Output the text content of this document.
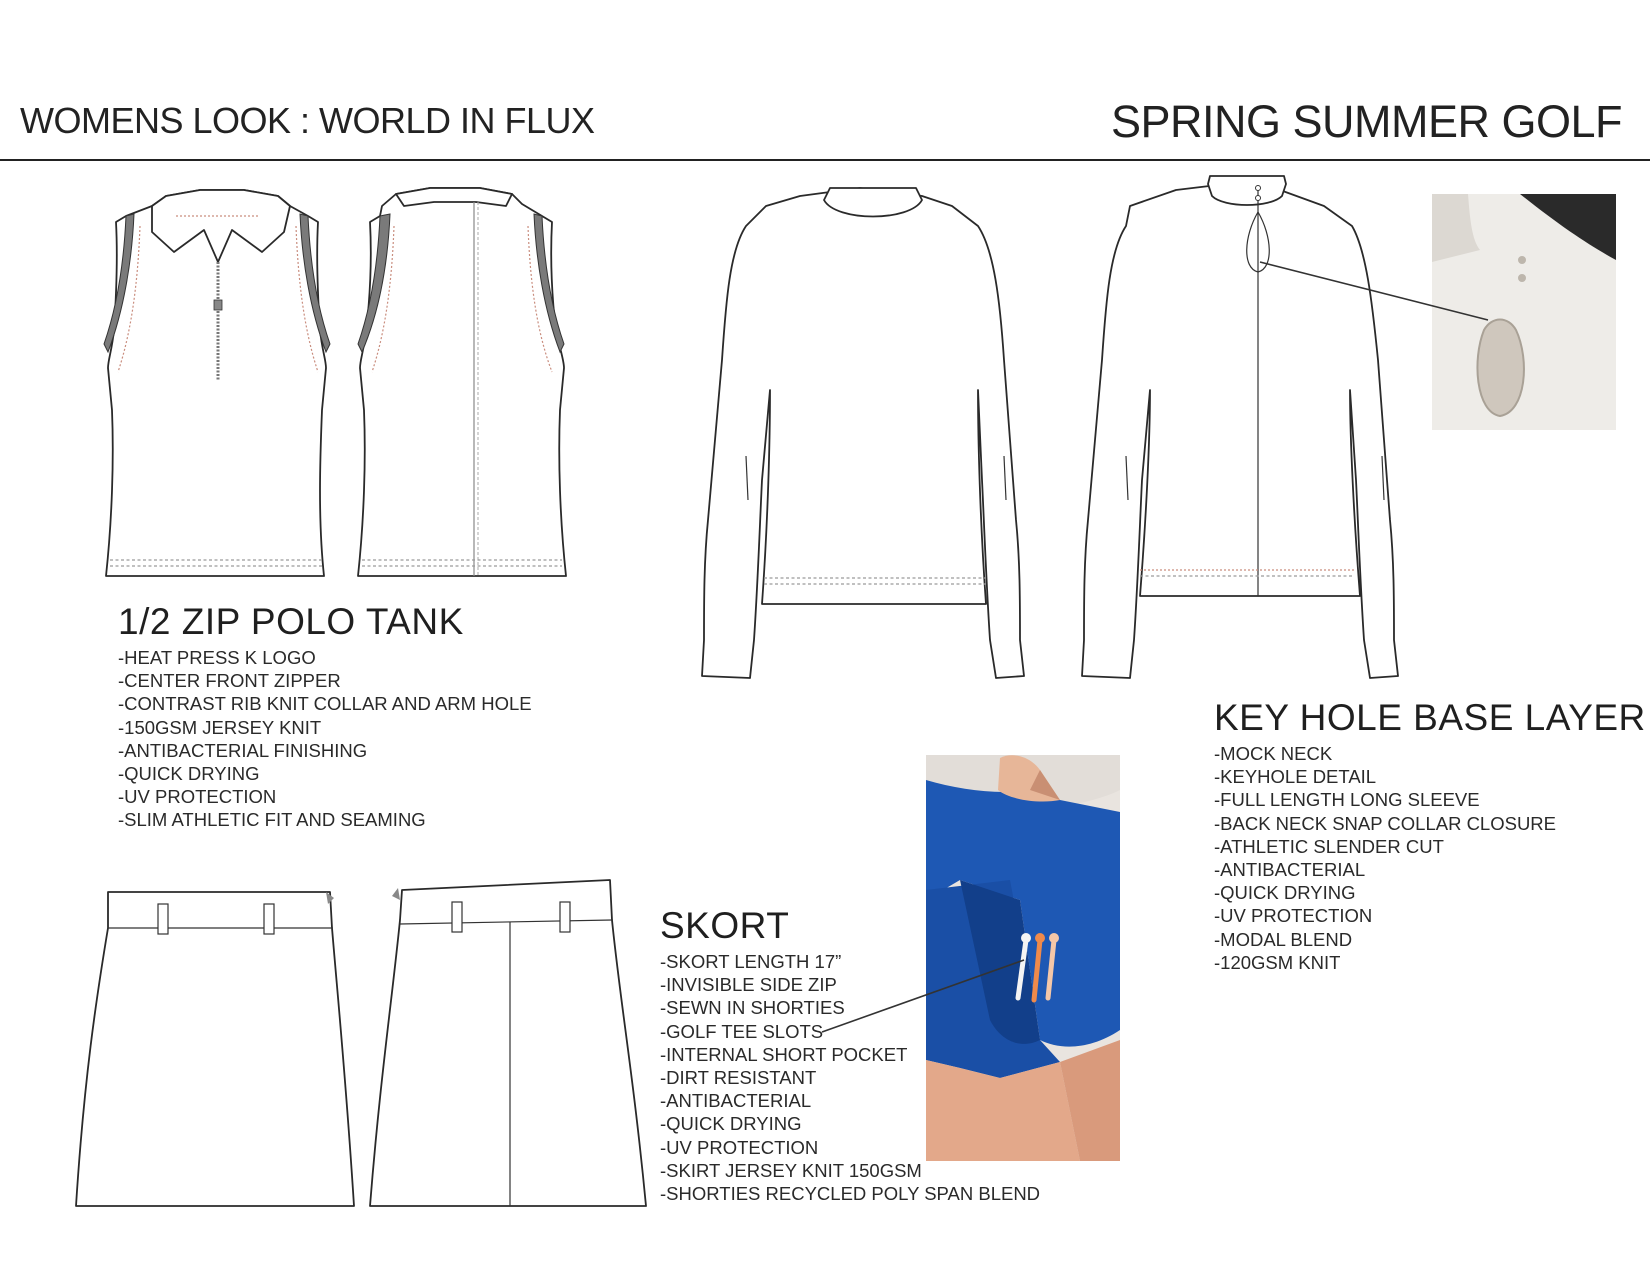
WOMENS LOOK : WORLD IN FLUX	SPRING SUMMER GOLF
1/2 ZIP POLO TANK
-HEAT PRESS K LOGO
-CENTER FRONT ZIPPER
-CONTRAST RIB KNIT COLLAR AND ARM HOLE
-150GSM JERSEY KNIT
-ANTIBACTERIAL FINISHING
-QUICK DRYING
-UV PROTECTION
-SLIM ATHLETIC FIT AND SEAMING
KEY HOLE BASE LAYER
-MOCK NECK
-KEYHOLE DETAIL
-FULL LENGTH LONG SLEEVE
-BACK NECK SNAP COLLAR CLOSURE
-ATHLETIC SLENDER CUT
-ANTIBACTERIAL
-QUICK DRYING
-UV PROTECTION
-MODAL BLEND
-120GSM KNIT
SKORT
-SKORT LENGTH 17”
-INVISIBLE SIDE ZIP
-SEWN IN SHORTIES
-GOLF TEE SLOTS
-INTERNAL SHORT POCKET
-DIRT RESISTANT
-ANTIBACTERIAL
-QUICK DRYING
-UV PROTECTION
-SKIRT JERSEY KNIT 150GSM
-SHORTIES RECYCLED POLY SPAN BLEND
